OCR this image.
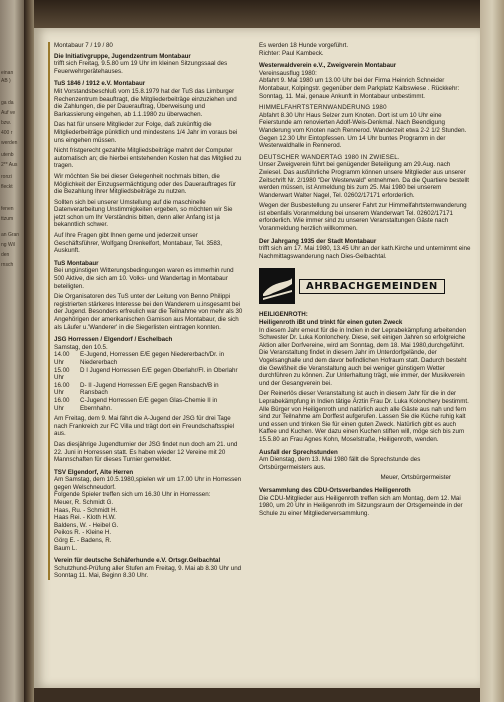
einan
AB )
ga da
Auf ve
bzw.
400 r
werden
utenb
2** Aus
ronzi
fleckt
fenen
ttzum
an Gran
ng Wil
den
rnsch
Montabaur 7 / 19 / 80
Die Initiativgruppe, Jugendzentrum Montabaur
trifft sich Freitag, 9.5.80 um 19 Uhr im kleinen Sitzungssaal des Feuerwehrgerätehauses.
TuS 1846 / 1912 e.V. Montabaur
Mit Vorstandsbeschluß vom 15.8.1979 hat der TuS das Limburger Rechenzentrum beauftragt, die Mitgliederbeiträge einzuziehen und die Zahlungen, die per Dauerauftrag, Überweisung und Barkassierung eingehen, ab 1.1.1980 zu überwachen.
Das hat für unsere Mitglieder zur Folge, daß zukünftig die Mitgliederbeiträge pünktlich und mindestens 1/4 Jahr im voraus bei uns eingehen müssen.
Nicht fristgerecht gezahlte Mitgliedsbeiträge mahnt der Computer automatisch an; die hierbei entstehenden Kosten hat das Mitglied zu tragen.
Wir möchten Sie bei dieser Gelegenheit nochmals bitten, die Möglichkeit der Einzugsermächtigung oder des Dauerauftrages für die Bezahlung Ihrer Mitgliedsbeiträge zu nutzen.
Sollten sich bei unserer Umstellung auf die maschinelle Datenverarbeitung Unstimmigkeiten ergeben, so möchten wir Sie jetzt schon um Ihr Verständnis bitten, denn aller Anfang ist ja bekanntlich schwer.
Auf Ihre Fragen gibt Ihnen gerne und jederzeit unser Geschäftsführer, Wolfgang Drenkelfort, Montabaur, Tel. 3583, Auskunft.
TuS Montabaur
Bei ungünstigen Witterungsbedingungen waren es immerhin rund 500 Aktive, die sich am 10. Volks- und Wandertag in Montabaur beteiligten.
Die Organisatoren des TuS unter der Leitung von Benno Philippi registrierten stärkeres Interesse bei den Wanderern u.insgesamt bei der Jugend. Besonders erfreulich war die Teilnahme von mehr als 30 Angehörigen der amerikanischen Garnison aus Montabaur, die sich als Läufer u.'Wanderer' in die Siegerlisten eintragen konnten.
JSG Horressen / Elgendorf / Eschelbach
Samstag, den 10.5.
14.00 Uhr
E-Jugend, Horressen E/E gegen Niedererbach/Dr. in Niedererbach
15.00 Uhr
D I Jugend Horressen E/E gegen Oberlahr/Fl. in Oberlahr
16.00 Uhr
D- II -Jugend Horressen E/E gegen Ransbach/B in Ransbach
16.00 Uhr
C-Jugend Horressen E/E gegen Glas-Chemie II in Ebernhahn.
Am Freitag, dem 9. Mai fährt die A-Jugend der JSG für drei Tage nach Frankreich zur FC Villa und trägt dort ein Freundschaftsspiel aus.
Das diesjährige Jugendturnier der JSG findet nun doch am 21. und 22. Juni in Horressen statt. Es haben wieder 12 Vereine mit 20 Mannschaften für dieses Turnier gemeldet.
TSV Elgendorf, Alte Herren
Am Samstag, dem 10.5.1980,spielen wir um 17.00 Uhr in Horressen gegen Welschneudorf.
Folgende Spieler treffen sich um 16.30 Uhr in Horressen:
Meuer, R. Schmidt G.
Haas, Ru. - Schmidt H.
Haas Rei. - Kloth H.W.
Baldens, W. - Heibel G.
Peikos R. - Kleine H.
Görg E. - Badens, R.
Baum L.
Verein für deutsche Schäferhunde e.V. Ortsgr.Gelbachtal
Schutzhund-Prüfung aller Stufen am Freitag, 9. Mai ab 8.30 Uhr und Sonntag 11. Mai, Beginn 8.30 Uhr.
Es werden 18 Hunde vorgeführt.
Richter: Paul Kambeck.
Westerwaldverein e.V., Zweigverein Montabaur
Vereinsausflug 1980:
Abfahrt 9. Mai 1980 um 13.00 Uhr bei der Firma Heinrich Schneider Montabaur, Kolpingstr. gegenüber dem Parkplatz Kalbswiese . Rückkehr: Sonntag, 11. Mai, genaue Ankunft in Montabaur unbestimmt.
HIMMELFAHRTSTERNWANDERUNG 1980
Abfahrt 8.30 Uhr Haus Selzer zum Knoten. Dort ist um 10 Uhr eine Feierstunde am renovierten Adolf-Weis-Denkmal. Nach Beendigung Wanderung vom Knoten nach Rennerod. Wanderzeit etwa 2-2 1/2 Stunden. Gegen 12.30 Uhr Eintopfessen. Um 14 Uhr buntes Programm in der Westerwaldhalle in Rennerod.
DEUTSCHER WANDERTAG 1980 IN ZWIESEL.
Unser Zweigverein führt bei genügender Beteiligung am 29.Aug. nach Zwiesel. Das ausführliche Programm können unsere Mitglieder aus unserer Zeitschrift Nr. 2/1980 "Der Westerwald" entnehmen. Da die Quartiere bestellt werden müssen, ist Anmeldung bis zum 25. Mai 1980 bei unserem Wanderwart Walter Nagel, Tel. 02602/17171 erforderlich.
Wegen der Busbestellung zu unserer Fahrt zur Himmelfahrtsternwanderung ist ebenfalls Voranmeldung bei unserem Wanderwart Tel. 02602/17171 erforderlich. Wie immer sind zu unseren Veranstaltungen Gäste nach Voranmeldung herzlich willkommen.
Der Jahrgang 1935 der Stadt Montabaur
trifft sich am 17. Mai 1980, 13.45 Uhr an der kath.Kirche und unternimmt eine Nachmittagswanderung nach Dies-Gelbachtal.
AHRBACHGEMEINDEN
HEILIGENROTH:
Heiligenroth iBt und trinkt für einen guten Zweck
In diesem Jahr erneut für die in Indien in der Leprabekämpfung arbeitenden Schwester Dr. Luka Konlonchery. Diese, seit einigen Jahren so erfolgreiche Aktion aller Dorfvereine, wird am Sonntag, dem 18. Mai 1980,durchgeführt. Die Veranstaltung findet in diesem Jahr im Unterdorfgelände, der Vogelsanghalle und dem davor befindlichen Hofraum statt. Dadurch besteht die Gewißheit die Veranstaltung auch bei weniger günstigem Wetter durchführen zu können. Zur Unterhaltung trägt, wie immer, der Musikverein und der Gesangverein bei.
Der Reinerlös dieser Veranstaltung ist auch in diesem Jahr für die in der Leprabekämpfung in Indien tätige Ärztin Frau Dr. Luka Kolonchery bestimmt. Alle Bürger von Heiligenroth und natürlich auch alle Gäste aus nah und fern sind zur Teilnahme am Dorffest aufgerufen. Lassen Sie die Küche ruhig kalt und essen und trinken Sie für einen guten Zweck. Natürlich gibt es auch Kaffee und Kuchen. Wer dazu einen Kuchen stiften will, möge sich bis zum 15.5.80 an Frau Agnes Kohn, Moselstraße, Heiligenroth, wenden.
Ausfall der Sprechstunden
Am Dienstag, dem 13. Mai 1980 fällt die Sprechstunde des Ortsbürgermeisters aus.
Meuer, Ortsbürgermeister
Versammlung des CDU-Ortsverbandes Heiligenroth
Die CDU-Mitglieder aus Heiligenroth treffen sich am Montag, dem 12. Mai 1980, um 20 Uhr in Heiligenroth im Sitzungsraum der Ortsgemeinde in der Schule zu einer Mitgliederversammlung.
